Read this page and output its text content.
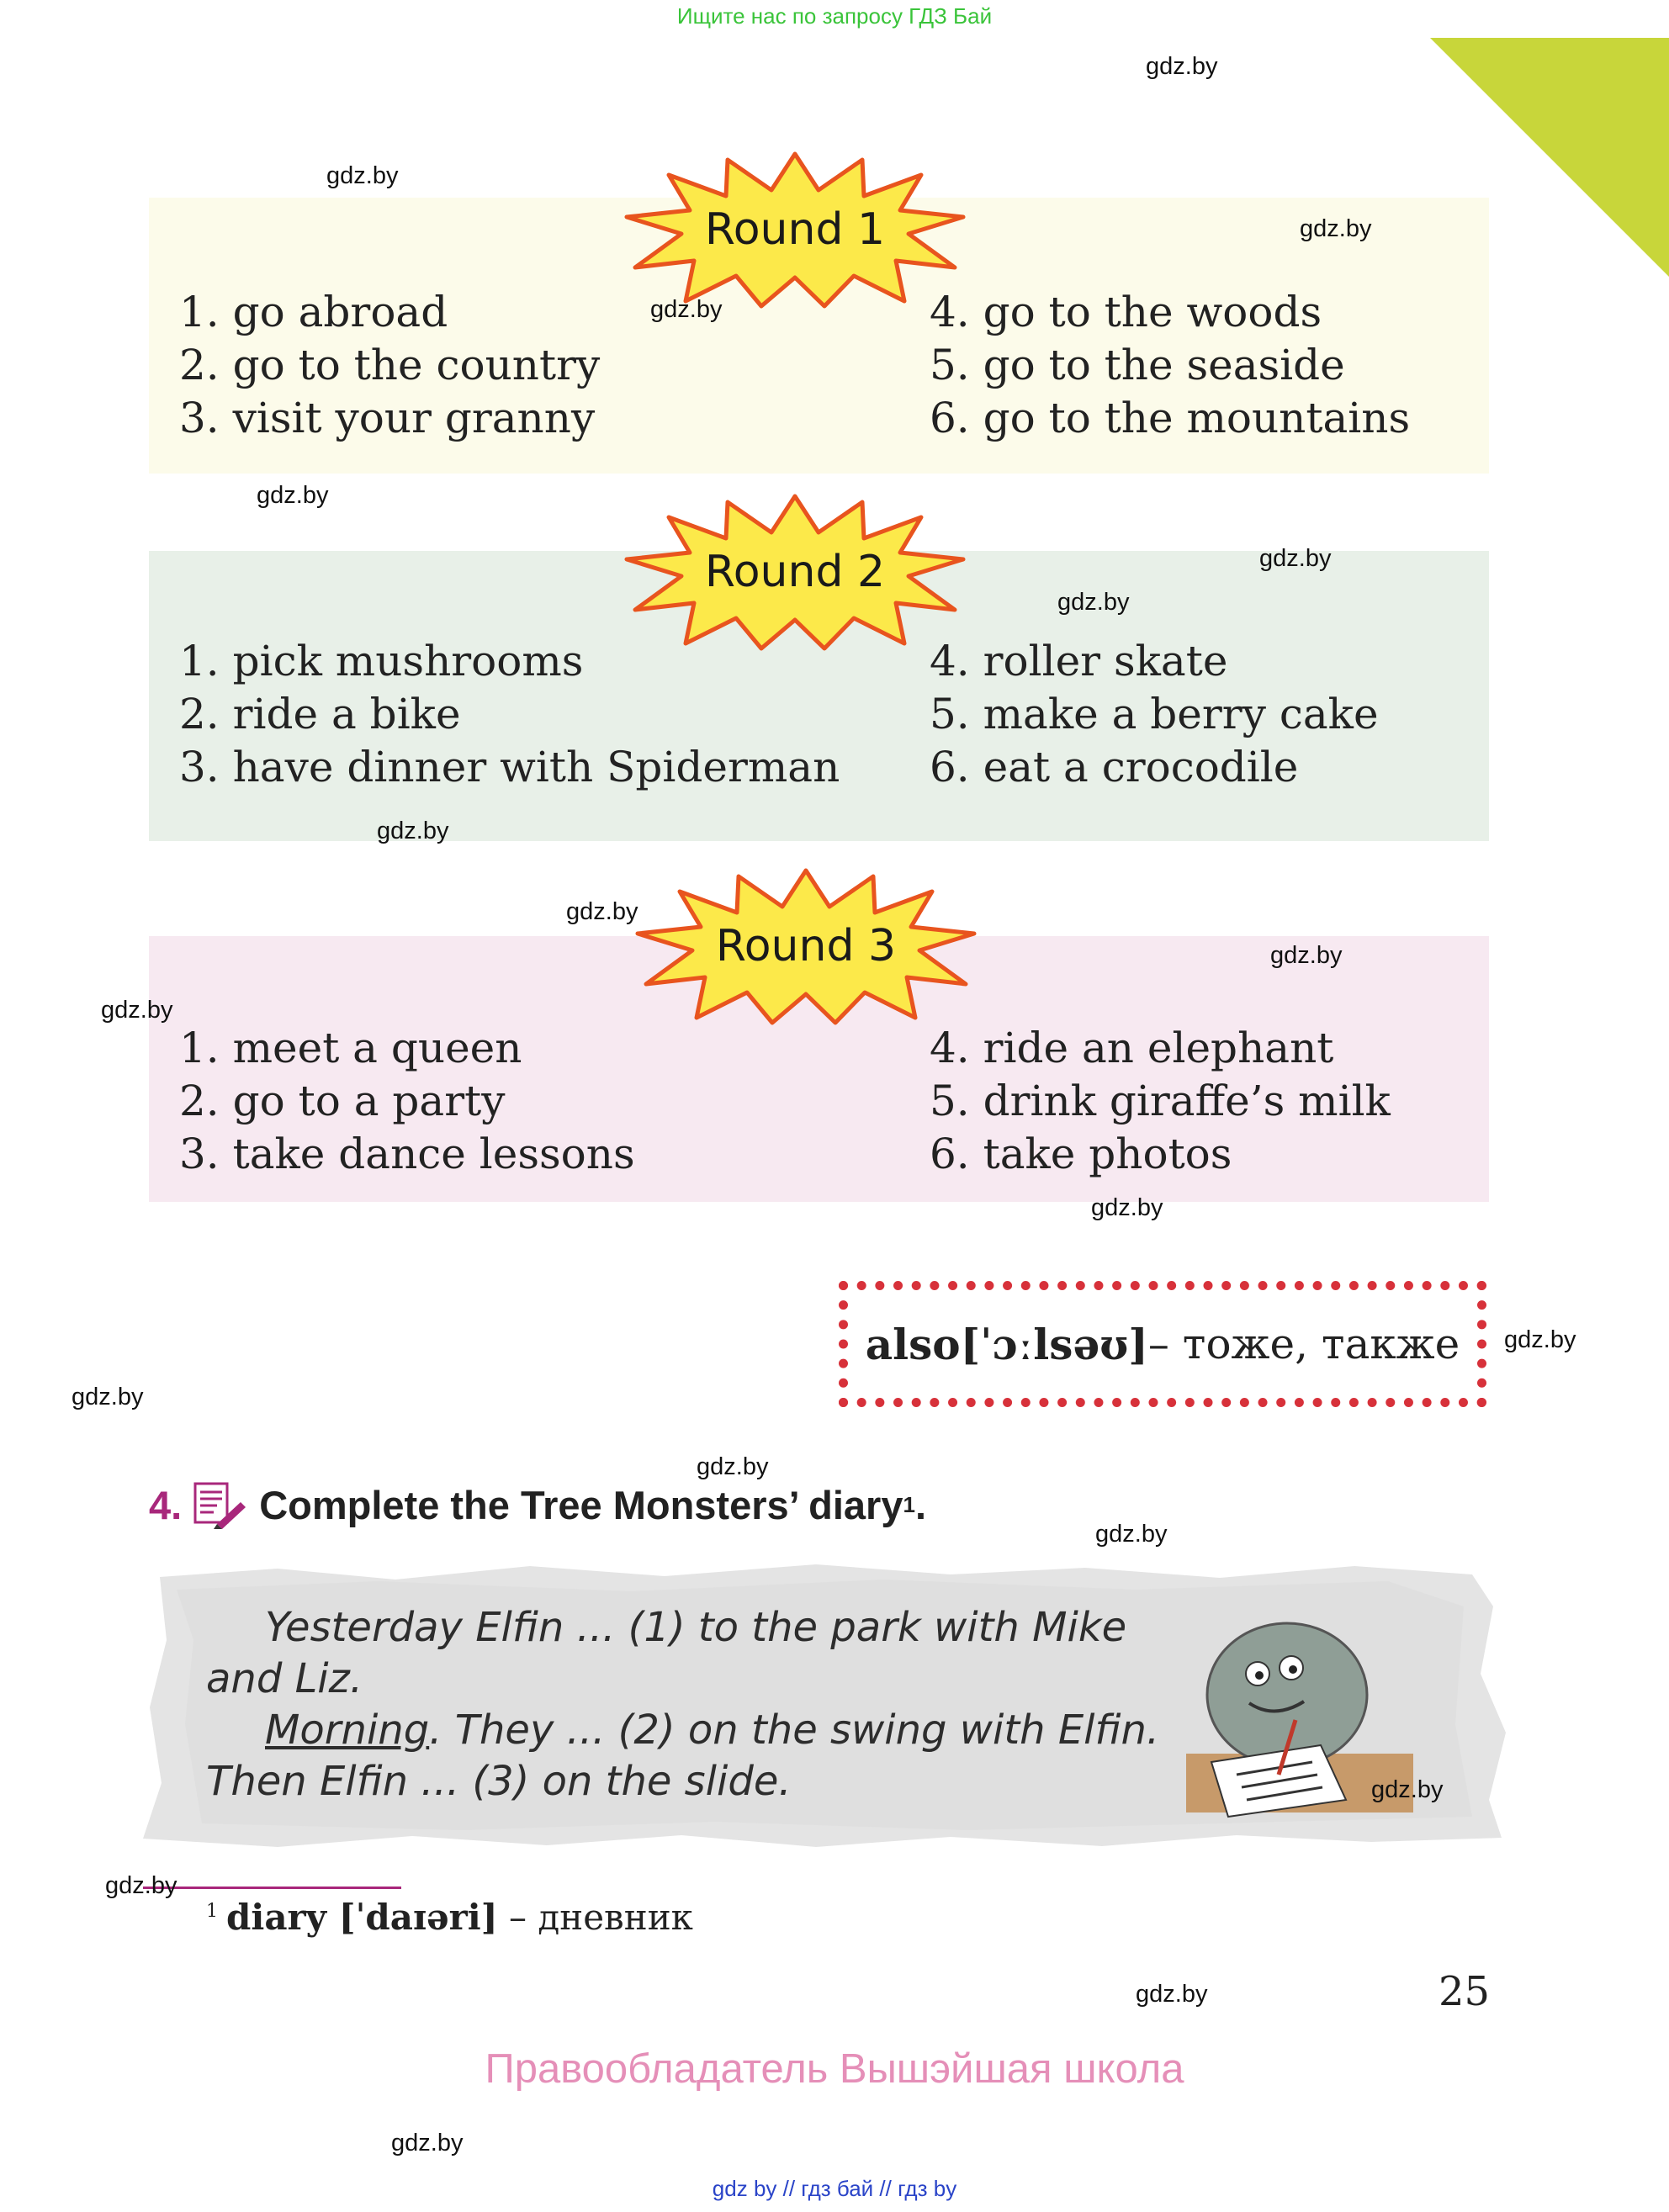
Ищите нас по запросу ГДЗ Бай
1. go abroad
2. go to the country
3. visit your granny
4. go to the woods
5. go to the seaside
6. go to the mountains
Round 1
1. pick mushrooms
2. ride a bike
3. have dinner with Spiderman
4. roller skate
5. make a berry cake
6. eat a crocodile
Round 2
1. meet a queen
2. go to a party
3. take dance lessons
4. ride an elephant
5. drink giraffe’s milk
6. take photos
Round 3
also [ˈɔːlsəʊ] – тоже, также
4. Complete the Tree Monsters’ diary 1 .

Yesterday Elfin ... (1) to the park with Mike

and Liz.

Morning. They ... (2) on the swing with Elfin.

Then Elfin ... (3) on the slide.

$^1$ diary [ˈdaɪəri] – дневник
25
Правообладатель Вышэйшая школа
gdz by // гдз бай // гдз by
gdz.by
gdz.by
gdz.by
gdz.by
gdz.by
gdz.by
gdz.by
gdz.by
gdz.by
gdz.by
gdz.by
gdz.by
gdz.by
gdz.by
gdz.by
gdz.by
gdz.by
gdz.by
gdz.by
gdz.by
